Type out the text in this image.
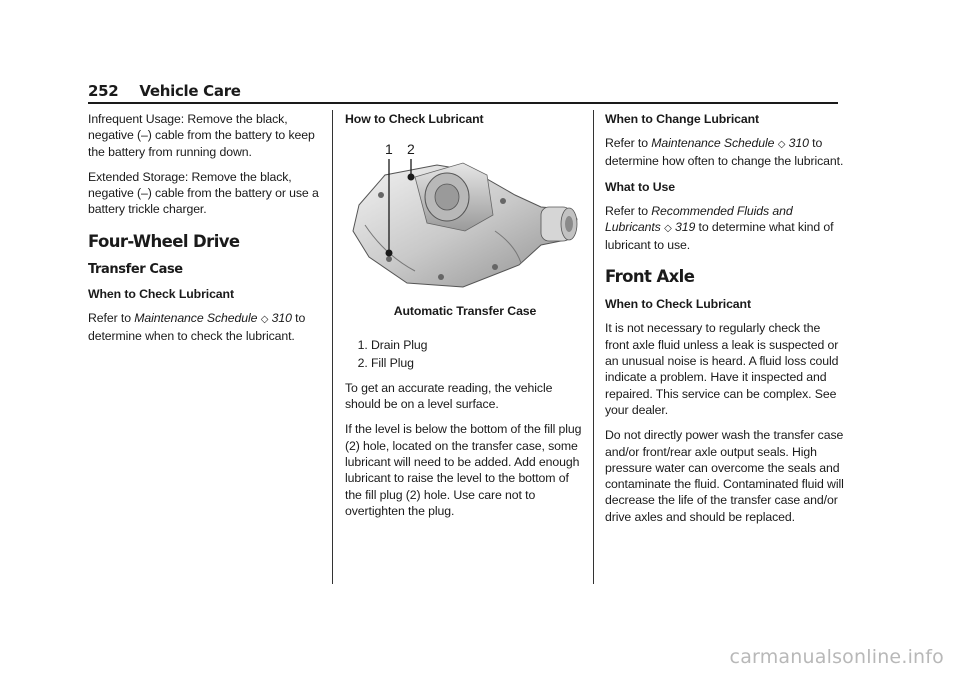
252 Vehicle Care

Infrequent Usage: Remove the black, negative (–) cable from the battery to keep the battery from running down.

Extended Storage: Remove the black, negative (–) cable from the battery or use a battery trickle charger.

Four-Wheel Drive
Transfer Case
When to Check Lubricant

Refer to Maintenance Schedule ◇ 310 to determine when to check the lubricant.

How to Check Lubricant
1 2
Automatic Transfer Case
1. Drain Plug
2. Fill Plug

To get an accurate reading, the vehicle should be on a level surface.

If the level is below the bottom of the fill plug (2) hole, located on the transfer case, some lubricant will need to be added. Add enough lubricant to raise the level to the bottom of the fill plug (2) hole. Use care not to overtighten the plug.

When to Change Lubricant

Refer to Maintenance Schedule ◇ 310 to determine how often to change the lubricant.

What to Use

Refer to Recommended Fluids and Lubricants ◇ 319 to determine what kind of lubricant to use.

Front Axle
When to Check Lubricant

It is not necessary to regularly check the front axle fluid unless a leak is suspected or an unusual noise is heard. A fluid loss could indicate a problem. Have it inspected and repaired. This service can be complex. See your dealer.

Do not directly power wash the transfer case and/or front/rear axle output seals. High pressure water can overcome the seals and contaminate the fluid. Contaminated fluid will decrease the life of the transfer case and/or drive axles and should be replaced.

carmanualsonline.info
